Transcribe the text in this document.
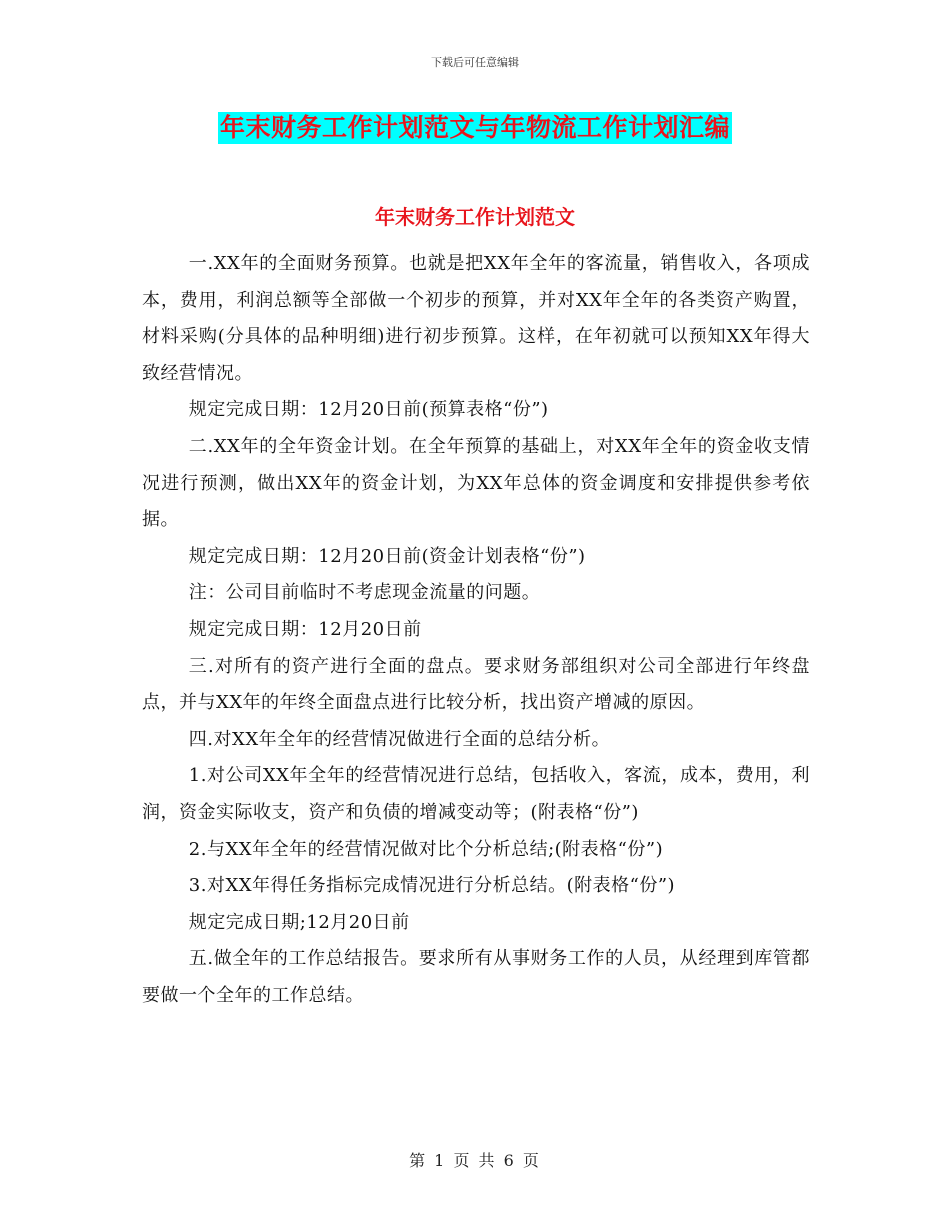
下载后可任意编辑
年末财务工作计划范文与年物流工作计划汇编
年末财务工作计划范文

一.XX年的全面财务预算。也就是把XX年全年的客流量，销售收入，各项成本，费用，利润总额等全部做一个初步的预算，并对XX年全年的各类资产购置，材料采购(分具体的品种明细)进行初步预算。这样，在年初就可以预知XX年得大致经营情况。

规定完成日期：12月20日前(预算表格“份”)

二.XX年的全年资金计划。在全年预算的基础上，对XX年全年的资金收支情况进行预测，做出XX年的资金计划，为XX年总体的资金调度和安排提供参考依据。

规定完成日期：12月20日前(资金计划表格“份”)

注：公司目前临时不考虑现金流量的问题。

规定完成日期：12月20日前

三.对所有的资产进行全面的盘点。要求财务部组织对公司全部进行年终盘点，并与XX年的年终全面盘点进行比较分析，找出资产增减的原因。

四.对XX年全年的经营情况做进行全面的总结分析。

1.对公司XX年全年的经营情况进行总结，包括收入，客流，成本，费用，利润，资金实际收支，资产和负债的增减变动等；(附表格“份”)

2.与XX年全年的经营情况做对比个分析总结;(附表格“份”)

3.对XX年得任务指标完成情况进行分析总结。(附表格“份”)

规定完成日期;12月20日前

五.做全年的工作总结报告。要求所有从事财务工作的人员，从经理到库管都要做一个全年的工作总结。

第 1 页 共 6 页
